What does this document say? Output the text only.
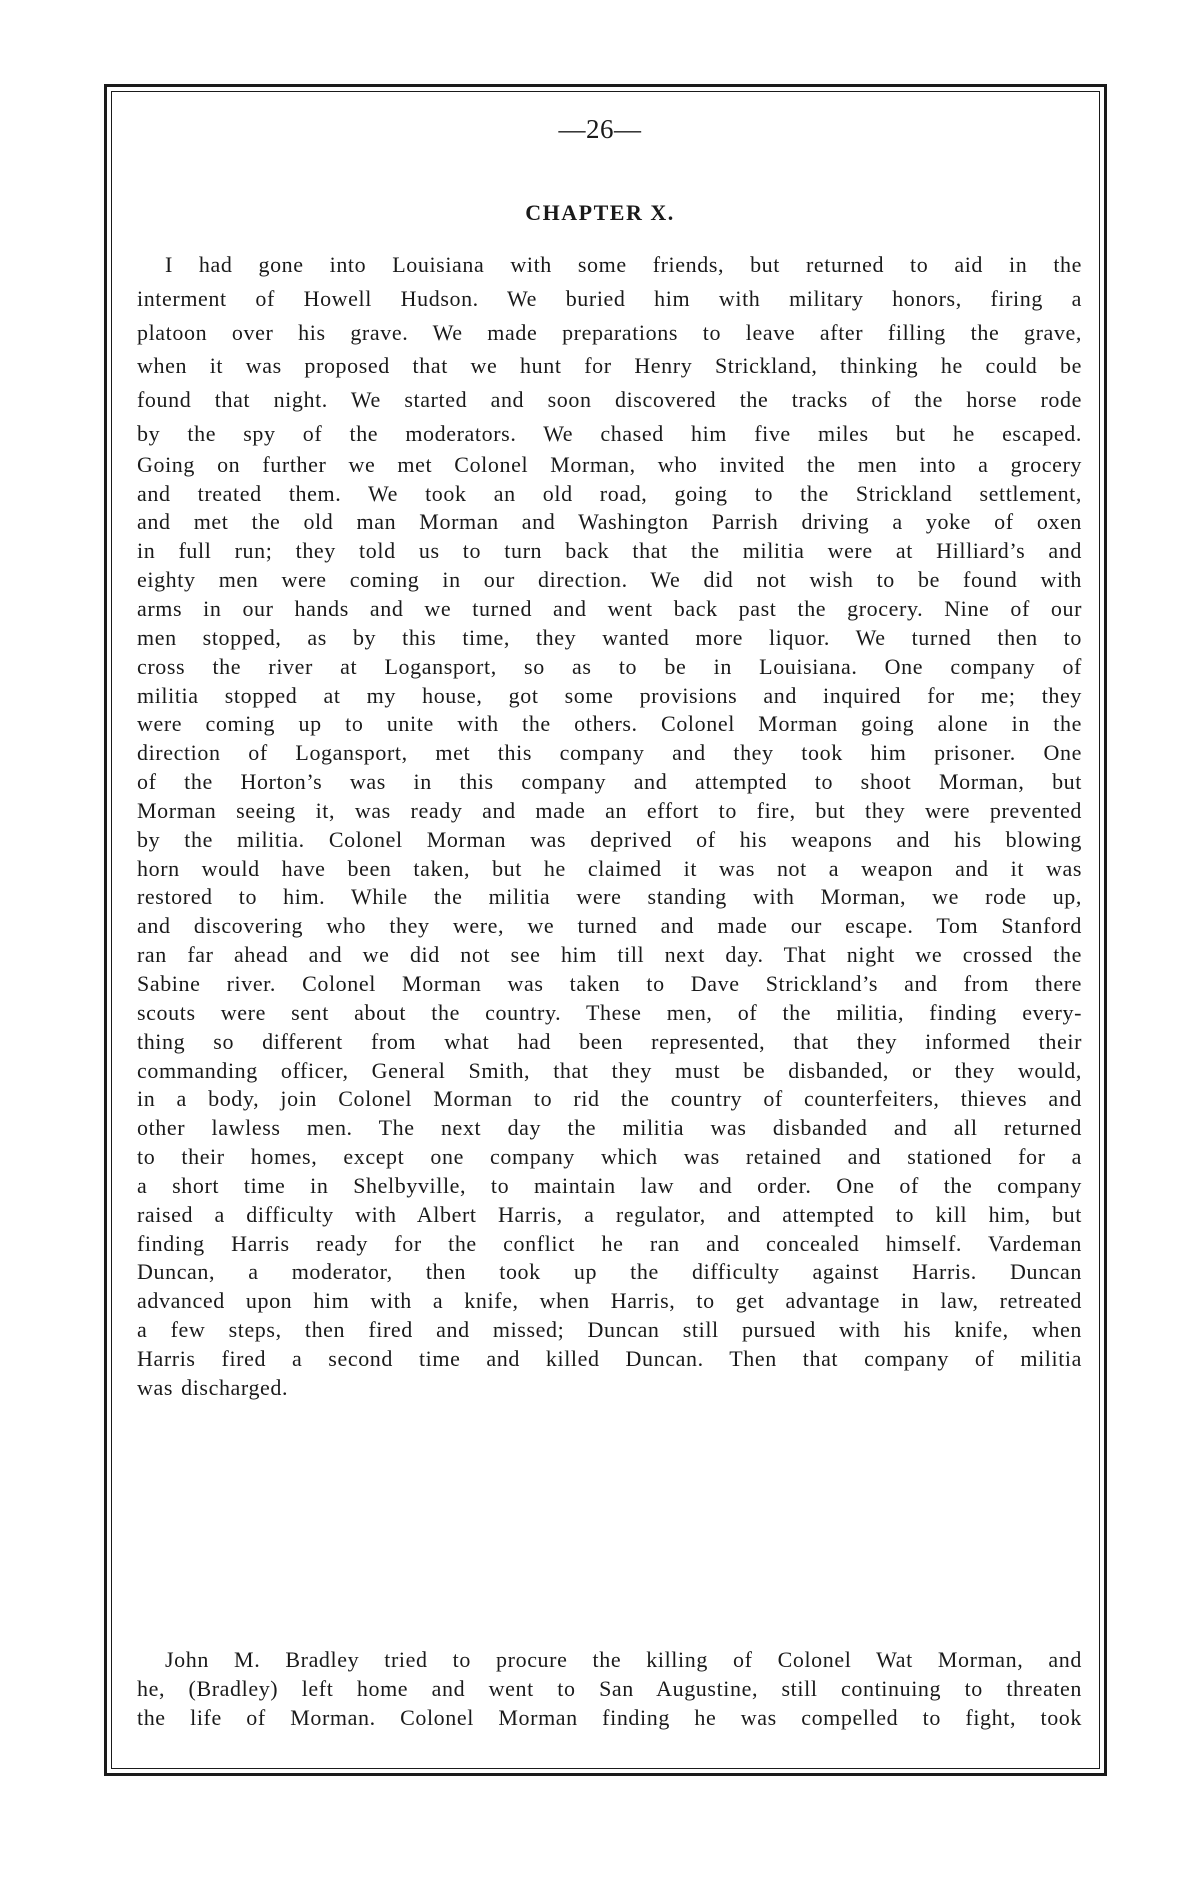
—26—
CHAPTER X.
I had gone into Louisiana with some friends, but returned to aid in the
interment of Howell Hudson. We buried him with military honors, firing a
platoon over his grave. We made preparations to leave after filling the grave,
when it was proposed that we hunt for Henry Strickland, thinking he could be
found that night. We started and soon discovered the tracks of the horse rode
by the spy of the moderators. We chased him five miles but he escaped.
Going on further we met Colonel Morman, who invited the men into a grocery
and treated them. We took an old road, going to the Strickland settlement,
and met the old man Morman and Washington Parrish driving a yoke of oxen
in full run; they told us to turn back that the militia were at Hilliard’s and
eighty men were coming in our direction. We did not wish to be found with
arms in our hands and we turned and went back past the grocery. Nine of our
men stopped, as by this time, they wanted more liquor. We turned then to
cross the river at Logansport, so as to be in Louisiana. One company of
militia stopped at my house, got some provisions and inquired for me; they
were coming up to unite with the others. Colonel Morman going alone in the
direction of Logansport, met this company and they took him prisoner. One
of the Horton’s was in this company and attempted to shoot Morman, but
Morman seeing it, was ready and made an effort to fire, but they were prevented
by the militia. Colonel Morman was deprived of his weapons and his blowing
horn would have been taken, but he claimed it was not a weapon and it was
restored to him. While the militia were standing with Morman, we rode up,
and discovering who they were, we turned and made our escape. Tom Stanford
ran far ahead and we did not see him till next day. That night we crossed the
Sabine river. Colonel Morman was taken to Dave Strickland’s and from there
scouts were sent about the country. These men, of the militia, finding every-
thing so different from what had been represented, that they informed their
commanding officer, General Smith, that they must be disbanded, or they would,
in a body, join Colonel Morman to rid the country of counterfeiters, thieves and
other lawless men. The next day the militia was disbanded and all returned
to their homes, except one company which was retained and stationed for a
a short time in Shelbyville, to maintain law and order. One of the company
raised a difficulty with Albert Harris, a regulator, and attempted to kill him, but
finding Harris ready for the conflict he ran and concealed himself. Vardeman
Duncan, a moderator, then took up the difficulty against Harris. Duncan
advanced upon him with a knife, when Harris, to get advantage in law, retreated
a few steps, then fired and missed; Duncan still pursued with his knife, when
Harris fired a second time and killed Duncan. Then that company of militia
was discharged.
John M. Bradley tried to procure the killing of Colonel Wat Morman, and
he, (Bradley) left home and went to San Augustine, still continuing to threaten
the life of Morman. Colonel Morman finding he was compelled to fight, took
